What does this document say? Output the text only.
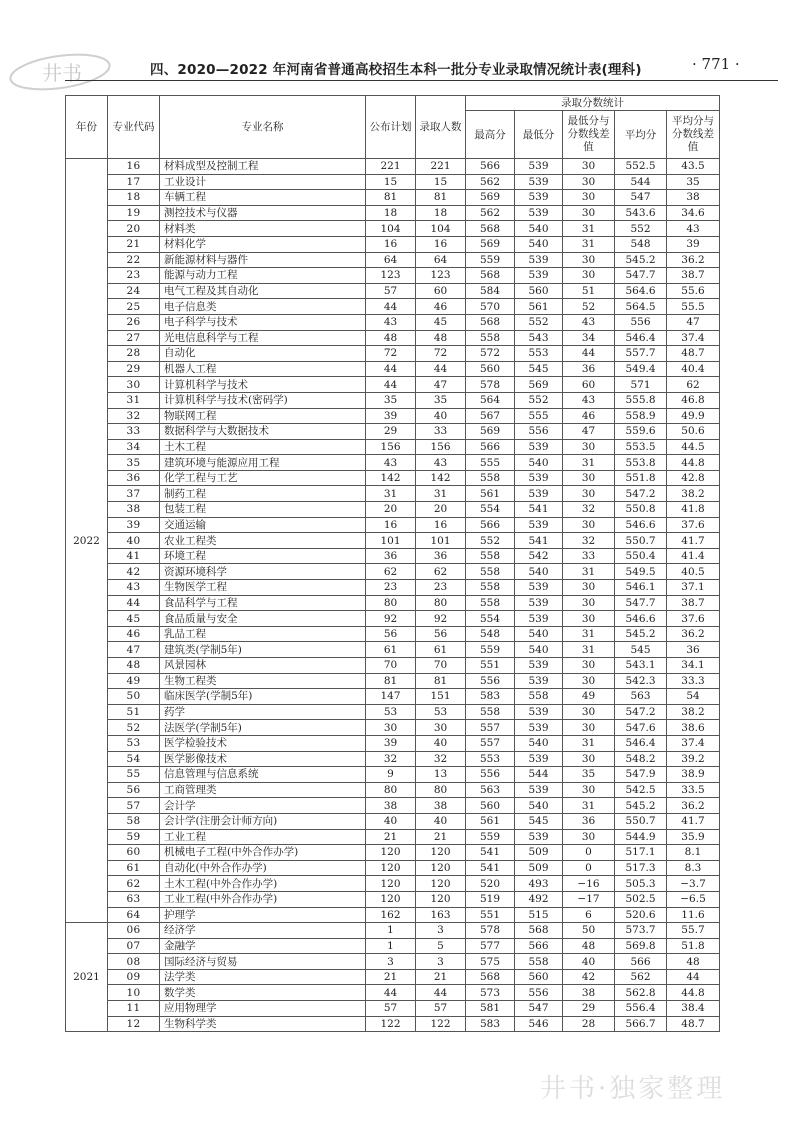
井书	四、2020—2022 年河南省普通高校招生本科一批分专业录取情况统计表(理科)	· 771 ·
年份	专业代码	专业名称	公布计划	录取人数	录取分数统计				
					最高分	最低分	最低分与分数线差值	平均分	平均分与分数线差值
2022	16	材料成型及控制工程	221	221	566	539	30	552.5	43.5
	17	工业设计	15	15	562	539	30	544	35
	18	车辆工程	81	81	569	539	30	547	38
	19	测控技术与仪器	18	18	562	539	30	543.6	34.6
	20	材料类	104	104	568	540	31	552	43
	21	材料化学	16	16	569	540	31	548	39
	22	新能源材料与器件	64	64	559	539	30	545.2	36.2
	23	能源与动力工程	123	123	568	539	30	547.7	38.7
	24	电气工程及其自动化	57	60	584	560	51	564.6	55.6
	25	电子信息类	44	46	570	561	52	564.5	55.5
	26	电子科学与技术	43	45	568	552	43	556	47
	27	光电信息科学与工程	48	48	558	543	34	546.4	37.4
	28	自动化	72	72	572	553	44	557.7	48.7
	29	机器人工程	44	44	560	545	36	549.4	40.4
	30	计算机科学与技术	44	47	578	569	60	571	62
	31	计算机科学与技术(密码学)	35	35	564	552	43	555.8	46.8
	32	物联网工程	39	40	567	555	46	558.9	49.9
	33	数据科学与大数据技术	29	33	569	556	47	559.6	50.6
	34	土木工程	156	156	566	539	30	553.5	44.5
	35	建筑环境与能源应用工程	43	43	555	540	31	553.8	44.8
	36	化学工程与工艺	142	142	558	539	30	551.8	42.8
	37	制药工程	31	31	561	539	30	547.2	38.2
	38	包装工程	20	20	554	541	32	550.8	41.8
	39	交通运输	16	16	566	539	30	546.6	37.6
	40	农业工程类	101	101	552	541	32	550.7	41.7
	41	环境工程	36	36	558	542	33	550.4	41.4
	42	资源环境科学	62	62	558	540	31	549.5	40.5
	43	生物医学工程	23	23	558	539	30	546.1	37.1
	44	食品科学与工程	80	80	558	539	30	547.7	38.7
	45	食品质量与安全	92	92	554	539	30	546.6	37.6
	46	乳品工程	56	56	548	540	31	545.2	36.2
	47	建筑类(学制5年)	61	61	559	540	31	545	36
	48	风景园林	70	70	551	539	30	543.1	34.1
	49	生物工程类	81	81	556	539	30	542.3	33.3
	50	临床医学(学制5年)	147	151	583	558	49	563	54
	51	药学	53	53	558	539	30	547.2	38.2
	52	法医学(学制5年)	30	30	557	539	30	547.6	38.6
	53	医学检验技术	39	40	557	540	31	546.4	37.4
	54	医学影像技术	32	32	553	539	30	548.2	39.2
	55	信息管理与信息系统	9	13	556	544	35	547.9	38.9
	56	工商管理类	80	80	563	539	30	542.5	33.5
	57	会计学	38	38	560	540	31	545.2	36.2
	58	会计学(注册会计师方向)	40	40	561	545	36	550.7	41.7
	59	工业工程	21	21	559	539	30	544.9	35.9
	60	机械电子工程(中外合作办学)	120	120	541	509	0	517.1	8.1
	61	自动化(中外合作办学)	120	120	541	509	0	517.3	8.3
	62	土木工程(中外合作办学)	120	120	520	493	−16	505.3	−3.7
	63	工业工程(中外合作办学)	120	120	519	492	−17	502.5	−6.5
	64	护理学	162	163	551	515	6	520.6	11.6
2021	06	经济学	1	3	578	568	50	573.7	55.7
	07	金融学	1	5	577	566	48	569.8	51.8
	08	国际经济与贸易	3	3	575	558	40	566	48
	09	法学类	21	21	568	560	42	562	44
	10	数学类	44	44	573	556	38	562.8	44.8
	11	应用物理学	57	57	581	547	29	556.4	38.4
	12	生物科学类	122	122	583	546	28	566.7	48.7
井书·独家整理
